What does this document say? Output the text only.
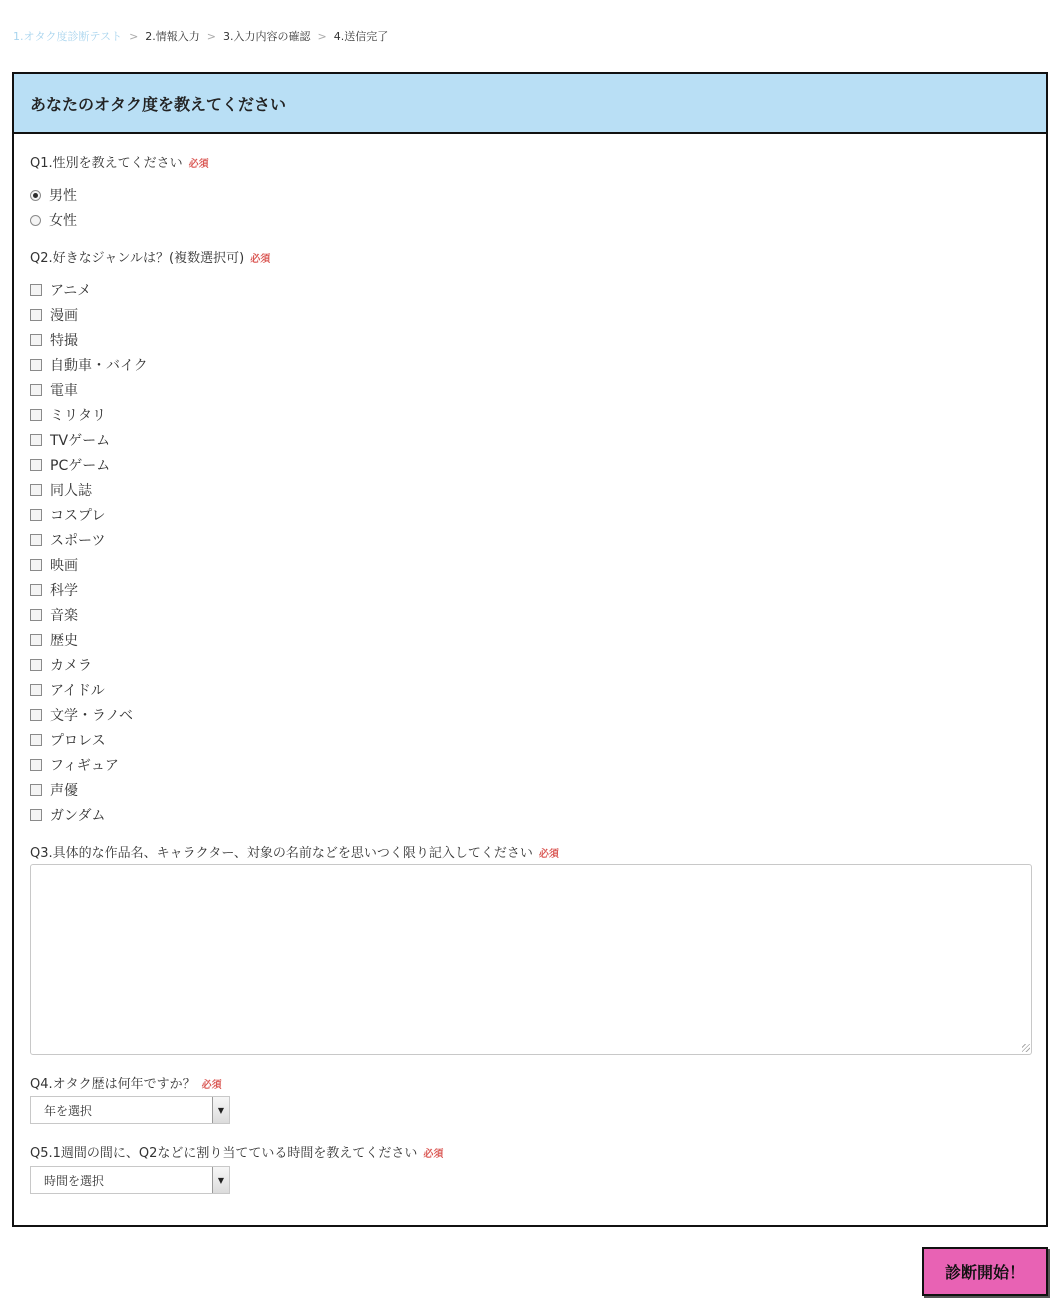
1.オタク度診断テスト > 2.情報入力 > 3.入力内容の確認 > 4.送信完了
あなたのオタク度を教えてください
Q1.性別を教えてください 必須
男性
女性
Q2.好きなジャンルは？(複数選択可) 必須
アニメ
漫画
特撮
自動車・バイク
電車
ミリタリ
TVゲーム
PCゲーム
同人誌
コスプレ
スポーツ
映画
科学
音楽
歴史
カメラ
アイドル
文学・ラノベ
プロレス
フィギュア
声優
ガンダム
Q3.具体的な作品名、キャラクター、対象の名前などを思いつく限り記入してください 必須
Q4.オタク歴は何年ですか？ 必須
年を選択	▼
Q5.1週間の間に、Q2などに割り当てている時間を教えてください 必須
時間を選択	▼
診断開始！
